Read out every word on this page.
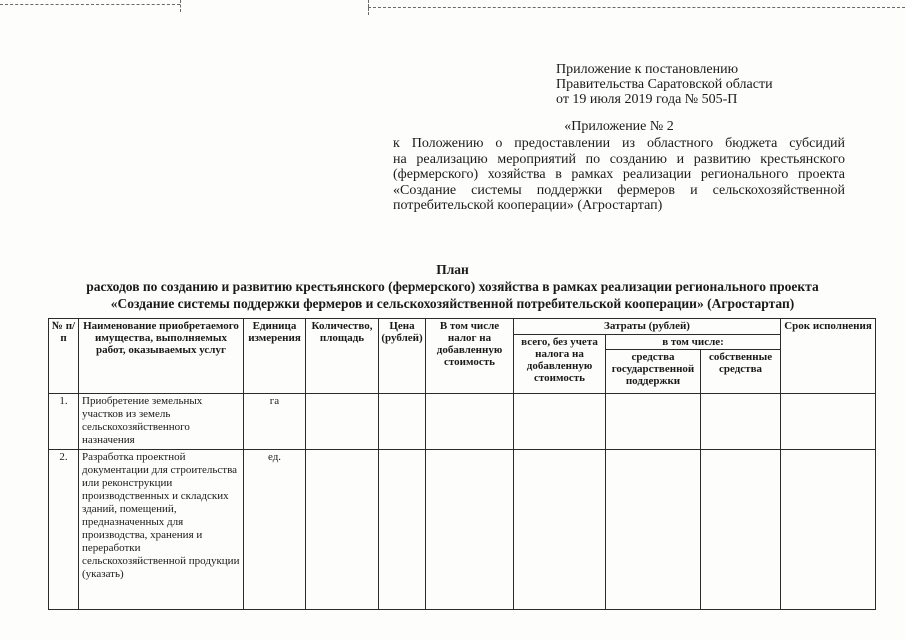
Приложение к постановлению
Правительства Саратовской области
от 19 июля 2019 года № 505-П
«Приложение № 2
к Положению о предоставлении из областного бюджета субсидий
на реализацию мероприятий по созданию и развитию крестьянского
(фермерского) хозяйства в рамках реализации регионального проекта
«Создание системы поддержки фермеров и сельскохозяйственной
потребительской кооперации» (Агростартап)
План
расходов по созданию и развитию крестьянского (фермерского) хозяйства в рамках реализации регионального проекта
«Создание системы поддержки фермеров и сельскохозяйственной потребительской кооперации» (Агростартап)
№ п/п	Наименование приобретаемого имущества, выполняемых работ, оказываемых услуг	Единица измерения	Количество, площадь	Цена (рублей)	В том числе налог на добавленную стоимость	Затраты (рублей)			Срок исполнения
						всего, без учета налога на добавленную стоимость	в том числе:		
							средства государственной поддержки	собственные средства	
1.	Приобретение земельных участков из земель сельскохозяйственного назначения	га							
2.	Разработка проектной документации для строительства или реконструкции производственных и складских зданий, помещений, предназначенных для производства, хранения и переработки сельскохозяйственной продукции (указать)	ед.							
